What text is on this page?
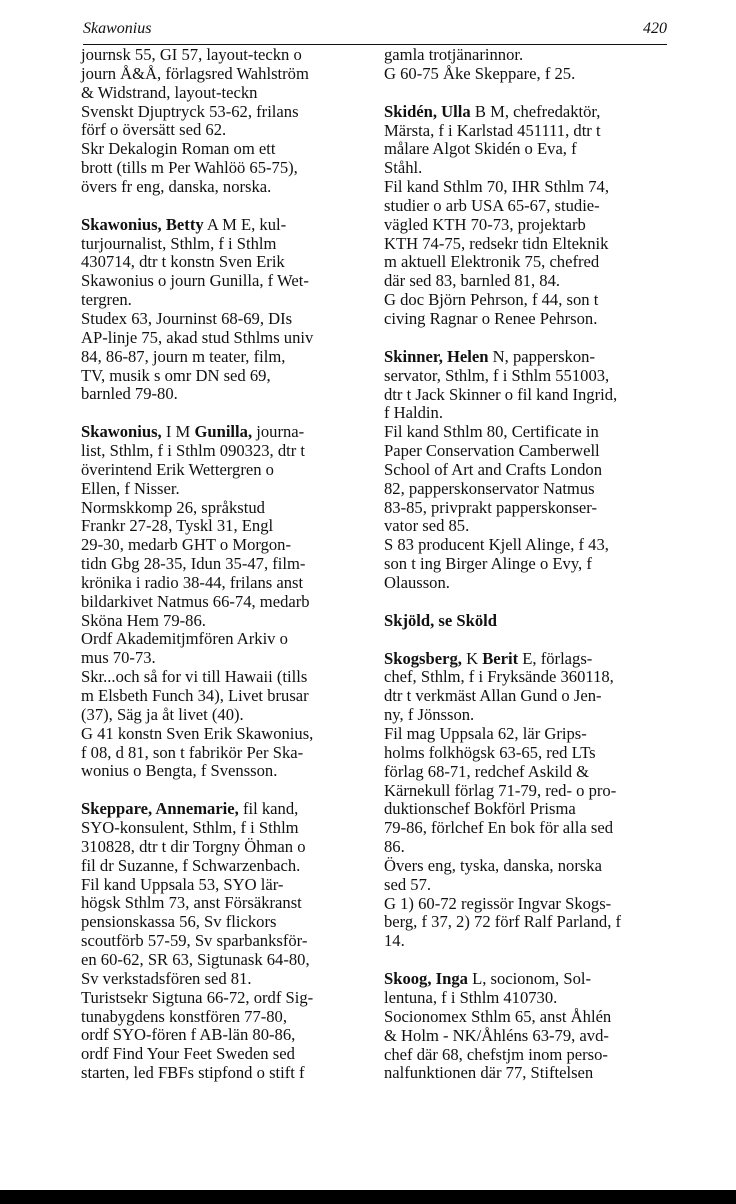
Skawonius	420
journsk 55, GI 57, layout-teckn o
journ Å&Å, förlagsred Wahlström
& Widstrand, layout-teckn
Svenskt Djuptryck 53-62, frilans
förf o översätt sed 62.
Skr Dekalogin Roman om ett
brott (tills m Per Wahlöö 65-75),
övers fr eng, danska, norska.
Skawonius, Betty A M E, kul-
turjournalist, Sthlm, f i Sthlm
430714, dtr t konstn Sven Erik
Skawonius o journ Gunilla, f Wet-
tergren.
Studex 63, Journinst 68-69, DIs
AP-linje 75, akad stud Sthlms univ
84, 86-87, journ m teater, film,
TV, musik s omr DN sed 69,
barnled 79-80.
Skawonius, I M Gunilla, journa-
list, Sthlm, f i Sthlm 090323, dtr t
överintend Erik Wettergren o
Ellen, f Nisser.
Normskkomp 26, språkstud
Frankr 27-28, Tyskl 31, Engl
29-30, medarb GHT o Morgon-
tidn Gbg 28-35, Idun 35-47, film-
krönika i radio 38-44, frilans anst
bildarkivet Natmus 66-74, medarb
Sköna Hem 79-86.
Ordf Akademitjmfören Arkiv o
mus 70-73.
Skr...och så for vi till Hawaii (tills
m Elsbeth Funch 34), Livet brusar
(37), Säg ja åt livet (40).
G 41 konstn Sven Erik Skawonius,
f 08, d 81, son t fabrikör Per Ska-
wonius o Bengta, f Svensson.
Skeppare, Annemarie, fil kand,
SYO-konsulent, Sthlm, f i Sthlm
310828, dtr t dir Torgny Öhman o
fil dr Suzanne, f Schwarzenbach.
Fil kand Uppsala 53, SYO lär-
högsk Sthlm 73, anst Försäkranst
pensionskassa 56, Sv flickors
scoutförb 57-59, Sv sparbanksför-
en 60-62, SR 63, Sigtunask 64-80,
Sv verkstadsfören sed 81.
Turistsekr Sigtuna 66-72, ordf Sig-
tunabygdens konstfören 77-80,
ordf SYO-fören f AB-län 80-86,
ordf Find Your Feet Sweden sed
starten, led FBFs stipfond o stift f
gamla trotjänarinnor.
G 60-75 Åke Skeppare, f 25.
Skidén, Ulla B M, chefredaktör,
Märsta, f i Karlstad 451111, dtr t
målare Algot Skidén o Eva, f
Ståhl.
Fil kand Sthlm 70, IHR Sthlm 74,
studier o arb USA 65-67, studie-
vägled KTH 70-73, projektarb
KTH 74-75, redsekr tidn Elteknik
m aktuell Elektronik 75, chefred
där sed 83, barnled 81, 84.
G doc Björn Pehrson, f 44, son t
civing Ragnar o Renee Pehrson.
Skinner, Helen N, papperskon-
servator, Sthlm, f i Sthlm 551003,
dtr t Jack Skinner o fil kand Ingrid,
f Haldin.
Fil kand Sthlm 80, Certificate in
Paper Conservation Camberwell
School of Art and Crafts London
82, papperskonservator Natmus
83-85, privprakt papperskonser-
vator sed 85.
S 83 producent Kjell Alinge, f 43,
son t ing Birger Alinge o Evy, f
Olausson.
Skjöld, se Sköld
Skogsberg, K Berit E, förlags-
chef, Sthlm, f i Fryksände 360118,
dtr t verkmäst Allan Gund o Jen-
ny, f Jönsson.
Fil mag Uppsala 62, lär Grips-
holms folkhögsk 63-65, red LTs
förlag 68-71, redchef Askild &
Kärnekull förlag 71-79, red- o pro-
duktionschef Bokförl Prisma
79-86, förlchef En bok för alla sed
86.
Övers eng, tyska, danska, norska
sed 57.
G 1) 60-72 regissör Ingvar Skogs-
berg, f 37, 2) 72 förf Ralf Parland, f
14.
Skoog, Inga L, socionom, Sol-
lentuna, f i Sthlm 410730.
Socionomex Sthlm 65, anst Åhlén
& Holm - NK/Åhléns 63-79, avd-
chef där 68, chefstjm inom perso-
nalfunktionen där 77, Stiftelsen
